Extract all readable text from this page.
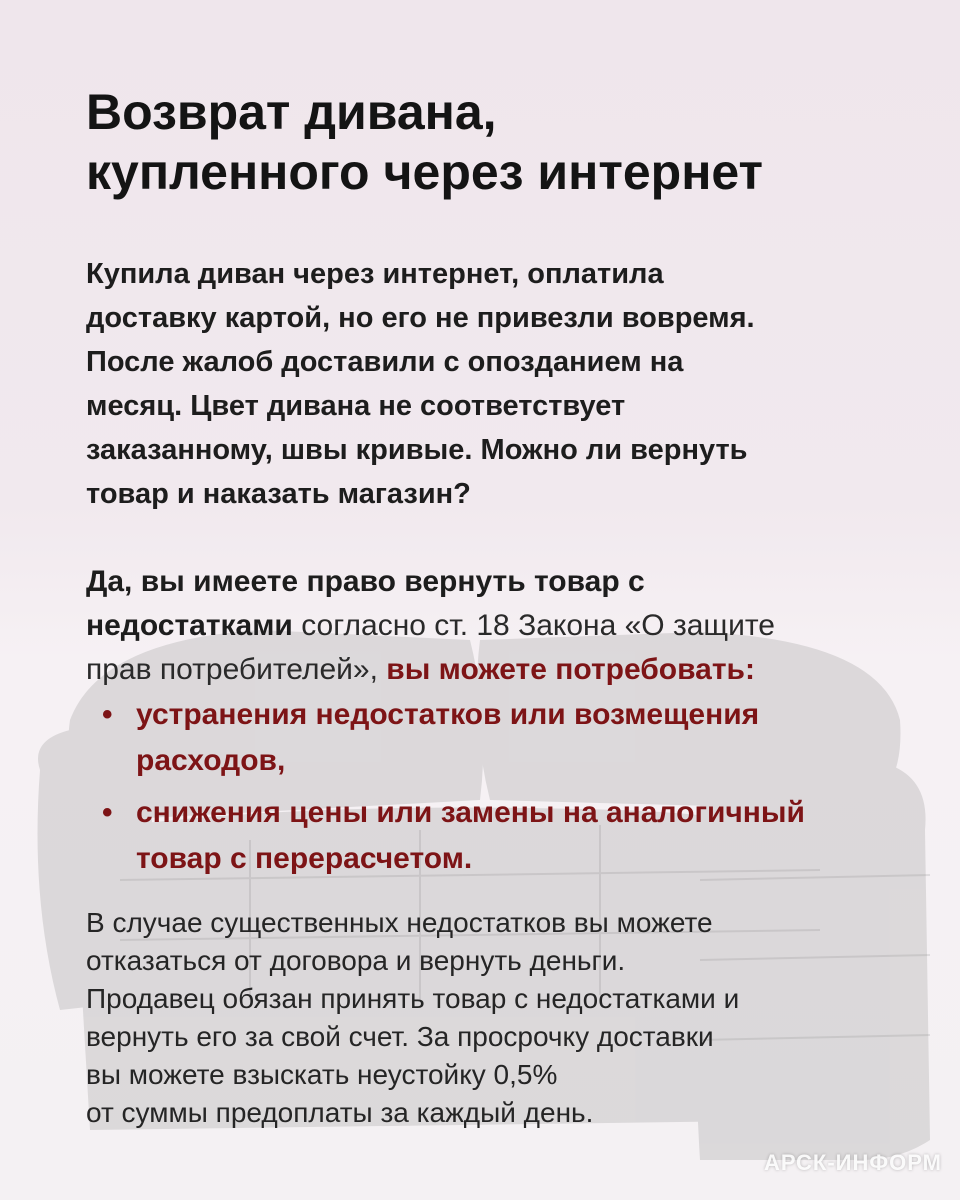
Возврат дивана,
купленного через интернет

Купила диван через интернет, оплатила
доставку картой, но его не привезли вовремя.
После жалоб доставили с опозданием на
месяц. Цвет дивана не соответствует
заказанному, швы кривые. Можно ли вернуть
товар и наказать магазин?

Да, вы имеете право вернуть товар с
недостатками согласно ст. 18 Закона «О защите
прав потребителей», вы можете потребовать:

• устранения недостатков или возмещения
расходов,
• снижения цены или замены на аналогичный
товар с перерасчетом.

В случае существенных недостатков вы можете
отказаться от договора и вернуть деньги.
Продавец обязан принять товар с недостатками и
вернуть его за свой счет. За просрочку доставки
вы можете взыскать неустойку 0,5%
от суммы предоплаты за каждый день.

АРСК-ИНФОРМ
